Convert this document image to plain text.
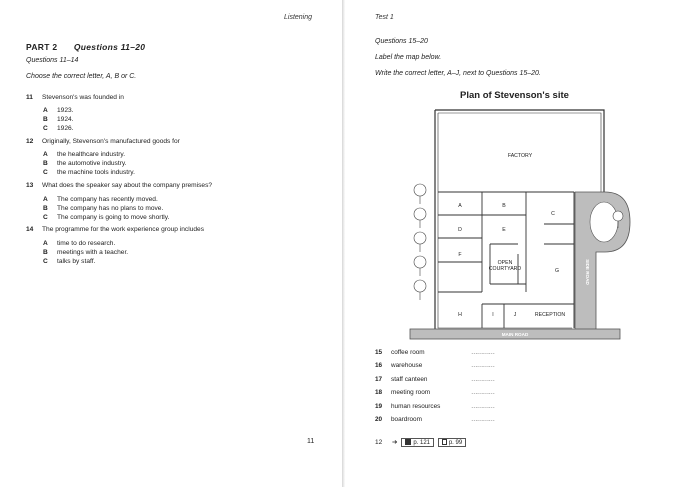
Listening
PART 2 Questions 11–20
Questions 11–14
Choose the correct letter, A, B or C.
11 Stevenson's was founded in
A 1923.
B 1924.
C 1926.
12 Originally, Stevenson's manufactured goods for
A the healthcare industry.
B the automotive industry.
C the machine tools industry.
13 What does the speaker say about the company premises?
A The company has recently moved.
B The company has no plans to move.
C The company is going to move shortly.
14 The programme for the work experience group includes
A time to do research.
B meetings with a teacher.
C talks by staff.
11
Test 1
Questions 15–20
Label the map below.
Write the correct letter, A–J, next to Questions 15–20.
Plan of Stevenson's site
SIDE ROAD
MAIN ROAD
FACTORY
A	B
C
D	E
F
G
H	I	J
OPEN
COURTYARD
RECEPTION
15 coffee room	…………
16 warehouse	…………
17 staff canteen	…………
18 meeting room	…………
19 human resources	…………
20 boardroom	…………
12 ➔	p. 121	p. 99
